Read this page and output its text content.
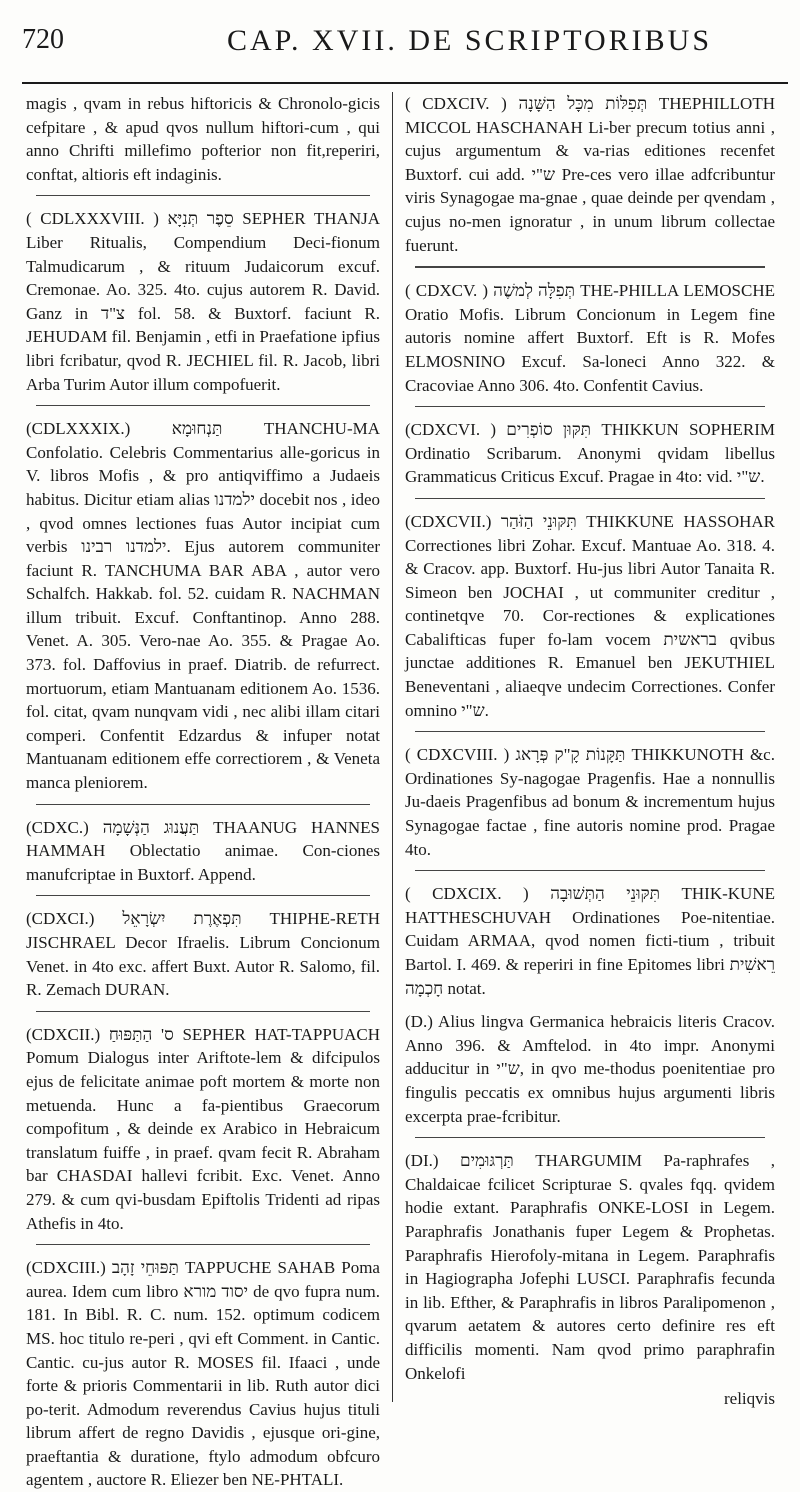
720	CAP. XVII. DE SCRIPTORIBUS

magis , qvam in rebus hiftoricis & Chronolo-gicis cefpitare , & apud qvos nullum hiftori-cum , qui anno Chrifti millefimo pofterior non fit,reperiri, conftat, altioris eft indaginis.

( CDLXXXVIII. ) סֵפֶר תְּנִיָּא SEPHER THANJA Liber Ritualis, Compendium Deci-fionum Talmudicarum , & rituum Judaicorum excuf. Cremonae. Ao. 325. 4to. cujus autorem R. David. Ganz in צ"ד fol. 58. & Buxtorf. faciunt R. JEHUDAM fil. Benjamin , etfi in Praefatione ipfius libri fcribatur, qvod R. JECHIEL fil. R. Jacob, libri Arba Turim Autor illum compofuerit.

(CDLXXXIX.) תַּנְחוּמָא THANCHU-MA Confolatio. Celebris Commentarius alle-goricus in V. libros Mofis , & pro antiqviffimo a Judaeis habitus. Dicitur etiam alias ילמדנו docebit nos , ideo , qvod omnes lectiones fuas Autor incipiat cum verbis ילמדנו רבינו. Ejus autorem communiter faciunt R. TANCHUMA BAR ABA , autor vero Schalfch. Hakkab. fol. 52. cuidam R. NACHMAN illum tribuit. Excuf. Conftantinop. Anno 288. Venet. A. 305. Vero-nae Ao. 355. & Pragae Ao. 373. fol. Daffovius in praef. Diatrib. de refurrect. mortuorum, etiam Mantuanam editionem Ao. 1536. fol. citat, qvam nunqvam vidi , nec alibi illam citari comperi. Confentit Edzardus & infuper notat Mantuanam editionem effe correctiorem , & Veneta manca pleniorem.

(CDXC.) תַּעֲנוּג הַנְּשָׁמָה THAANUG HANNES HAMMAH Oblectatio animae. Con-ciones manufcriptae in Buxtorf. Append.

(CDXCI.) תִּפְאֶרֶת יִשְׂרָאֵל THIPHE-RETH JISCHRAEL Decor Ifraelis. Librum Concionum Venet. in 4to exc. affert Buxt. Autor R. Salomo, fil. R. Zemach DURAN.

(CDXCII.) ס' הַתַּפּוּחַ SEPHER HAT-TAPPUACH Pomum Dialogus inter Ariftote-lem & difcipulos ejus de felicitate animae poft mortem & morte non metuenda. Hunc a fa-pientibus Graecorum compofitum , & deinde ex Arabico in Hebraicum translatum fuiffe , in praef. qvam fecit R. Abraham bar CHASDAI hallevi fcribit. Exc. Venet. Anno 279. & cum qvi-busdam Epiftolis Tridenti ad ripas Athefis in 4to.

(CDXCIII.) תַּפּוּחֵי זָהָב TAPPUCHE SAHAB Poma aurea. Idem cum libro יסוד מורא de qvo fupra num. 181. In Bibl. R. C. num. 152. optimum codicem MS. hoc titulo re-peri , qvi eft Comment. in Cantic. Cantic. cu-jus autor R. MOSES fil. Ifaaci , unde forte & prioris Commentarii in lib. Ruth autor dici po-terit. Admodum reverendus Cavius hujus tituli librum affert de regno Davidis , ejusque ori-gine, praeftantia & duratione, ftylo admodum obfcuro agentem , auctore R. Eliezer ben NE-PHTALI.

( CDXCIV. ) תְּפִלּוֹת מִכָּל הַשָּׁנָה THEPHILLOTH MICCOL HASCHANAH Li-ber precum totius anni , cujus argumentum & va-rias editiones recenfet Buxtorf. cui add. ש"י Pre-ces vero illae adfcribuntur viris Synagogae ma-gnae , quae deinde per qvendam , cujus no-men ignoratur , in unum librum collectae fuerunt.

( CDXCV. ) תְּפִלָּה לְמשֶׁה THE-PHILLA LEMOSCHE Oratio Mofis. Librum Concionum in Legem fine autoris nomine affert Buxtorf. Eft is R. Mofes ELMOSNINO Excuf. Sa-loneci Anno 322. & Cracoviae Anno 306. 4to. Confentit Cavius.

(CDXCVI. ) תִּקּוּן סוֹפְרִים THIKKUN SOPHERIM Ordinatio Scribarum. Anonymi qvidam libellus Grammaticus Criticus Excuf. Pragae in 4to: vid. ש"י.

(CDXCVII.) תִּקּוּנֵי הַזֹּהַר THIKKUNE HASSOHAR Correctiones libri Zohar. Excuf. Mantuae Ao. 318. 4. & Cracov. app. Buxtorf. Hu-jus libri Autor Tanaita R. Simeon ben JOCHAI , ut communiter creditur , continetqve 70. Cor-rectiones & explicationes Cabalifticas fuper fo-lam vocem בראשית qvibus junctae additiones R. Emanuel ben JEKUTHIEL Beneventani , aliaeqve undecim Correctiones. Confer omnino ש"י.

( CDXCVIII. ) תַּקָּנוֹת קָ"ק פְּרָאג THIKKUNOTH &c. Ordinationes Sy-nagogae Pragenfis. Hae a nonnullis Ju-daeis Pragenfibus ad bonum & incrementum hujus Synagogae factae , fine autoris nomine prod. Pragae 4to.

( CDXCIX. ) תִּקּוּנֵי הַתְּשׁוּבָה THIK-KUNE HATTHESCHUVAH Ordinationes Poe-nitentiae. Cuidam ARMAA, qvod nomen ficti-tium , tribuit Bartol. I. 469. & reperiri in fine Epitomes libri רֵאשִׁית חָכְמָה notat.

(D.) Alius lingva Germanica hebraicis literis Cracov. Anno 396. & Amftelod. in 4to impr. Anonymi adducitur in ש"י, in qvo me-thodus poenitentiae pro fingulis peccatis ex omnibus hujus argumenti libris excerpta prae-fcribitur.

(DI.) תַּרְגּוּמִים THARGUMIM Pa-raphrafes , Chaldaicae fcilicet Scripturae S. qvales fqq. qvidem hodie extant. Paraphrafis ONKE-LOSI in Legem. Paraphrafis Jonathanis fuper Legem & Prophetas. Paraphrafis Hierofoly-mitana in Legem. Paraphrafis in Hagiographa Jofephi LUSCI. Paraphrafis fecunda in lib. Efther, & Paraphrafis in libros Paralipomenon , qvarum aetatem & autores certo definire res eft difficilis momenti. Nam qvod primo paraphrafin Onkelofi

reliqvis
